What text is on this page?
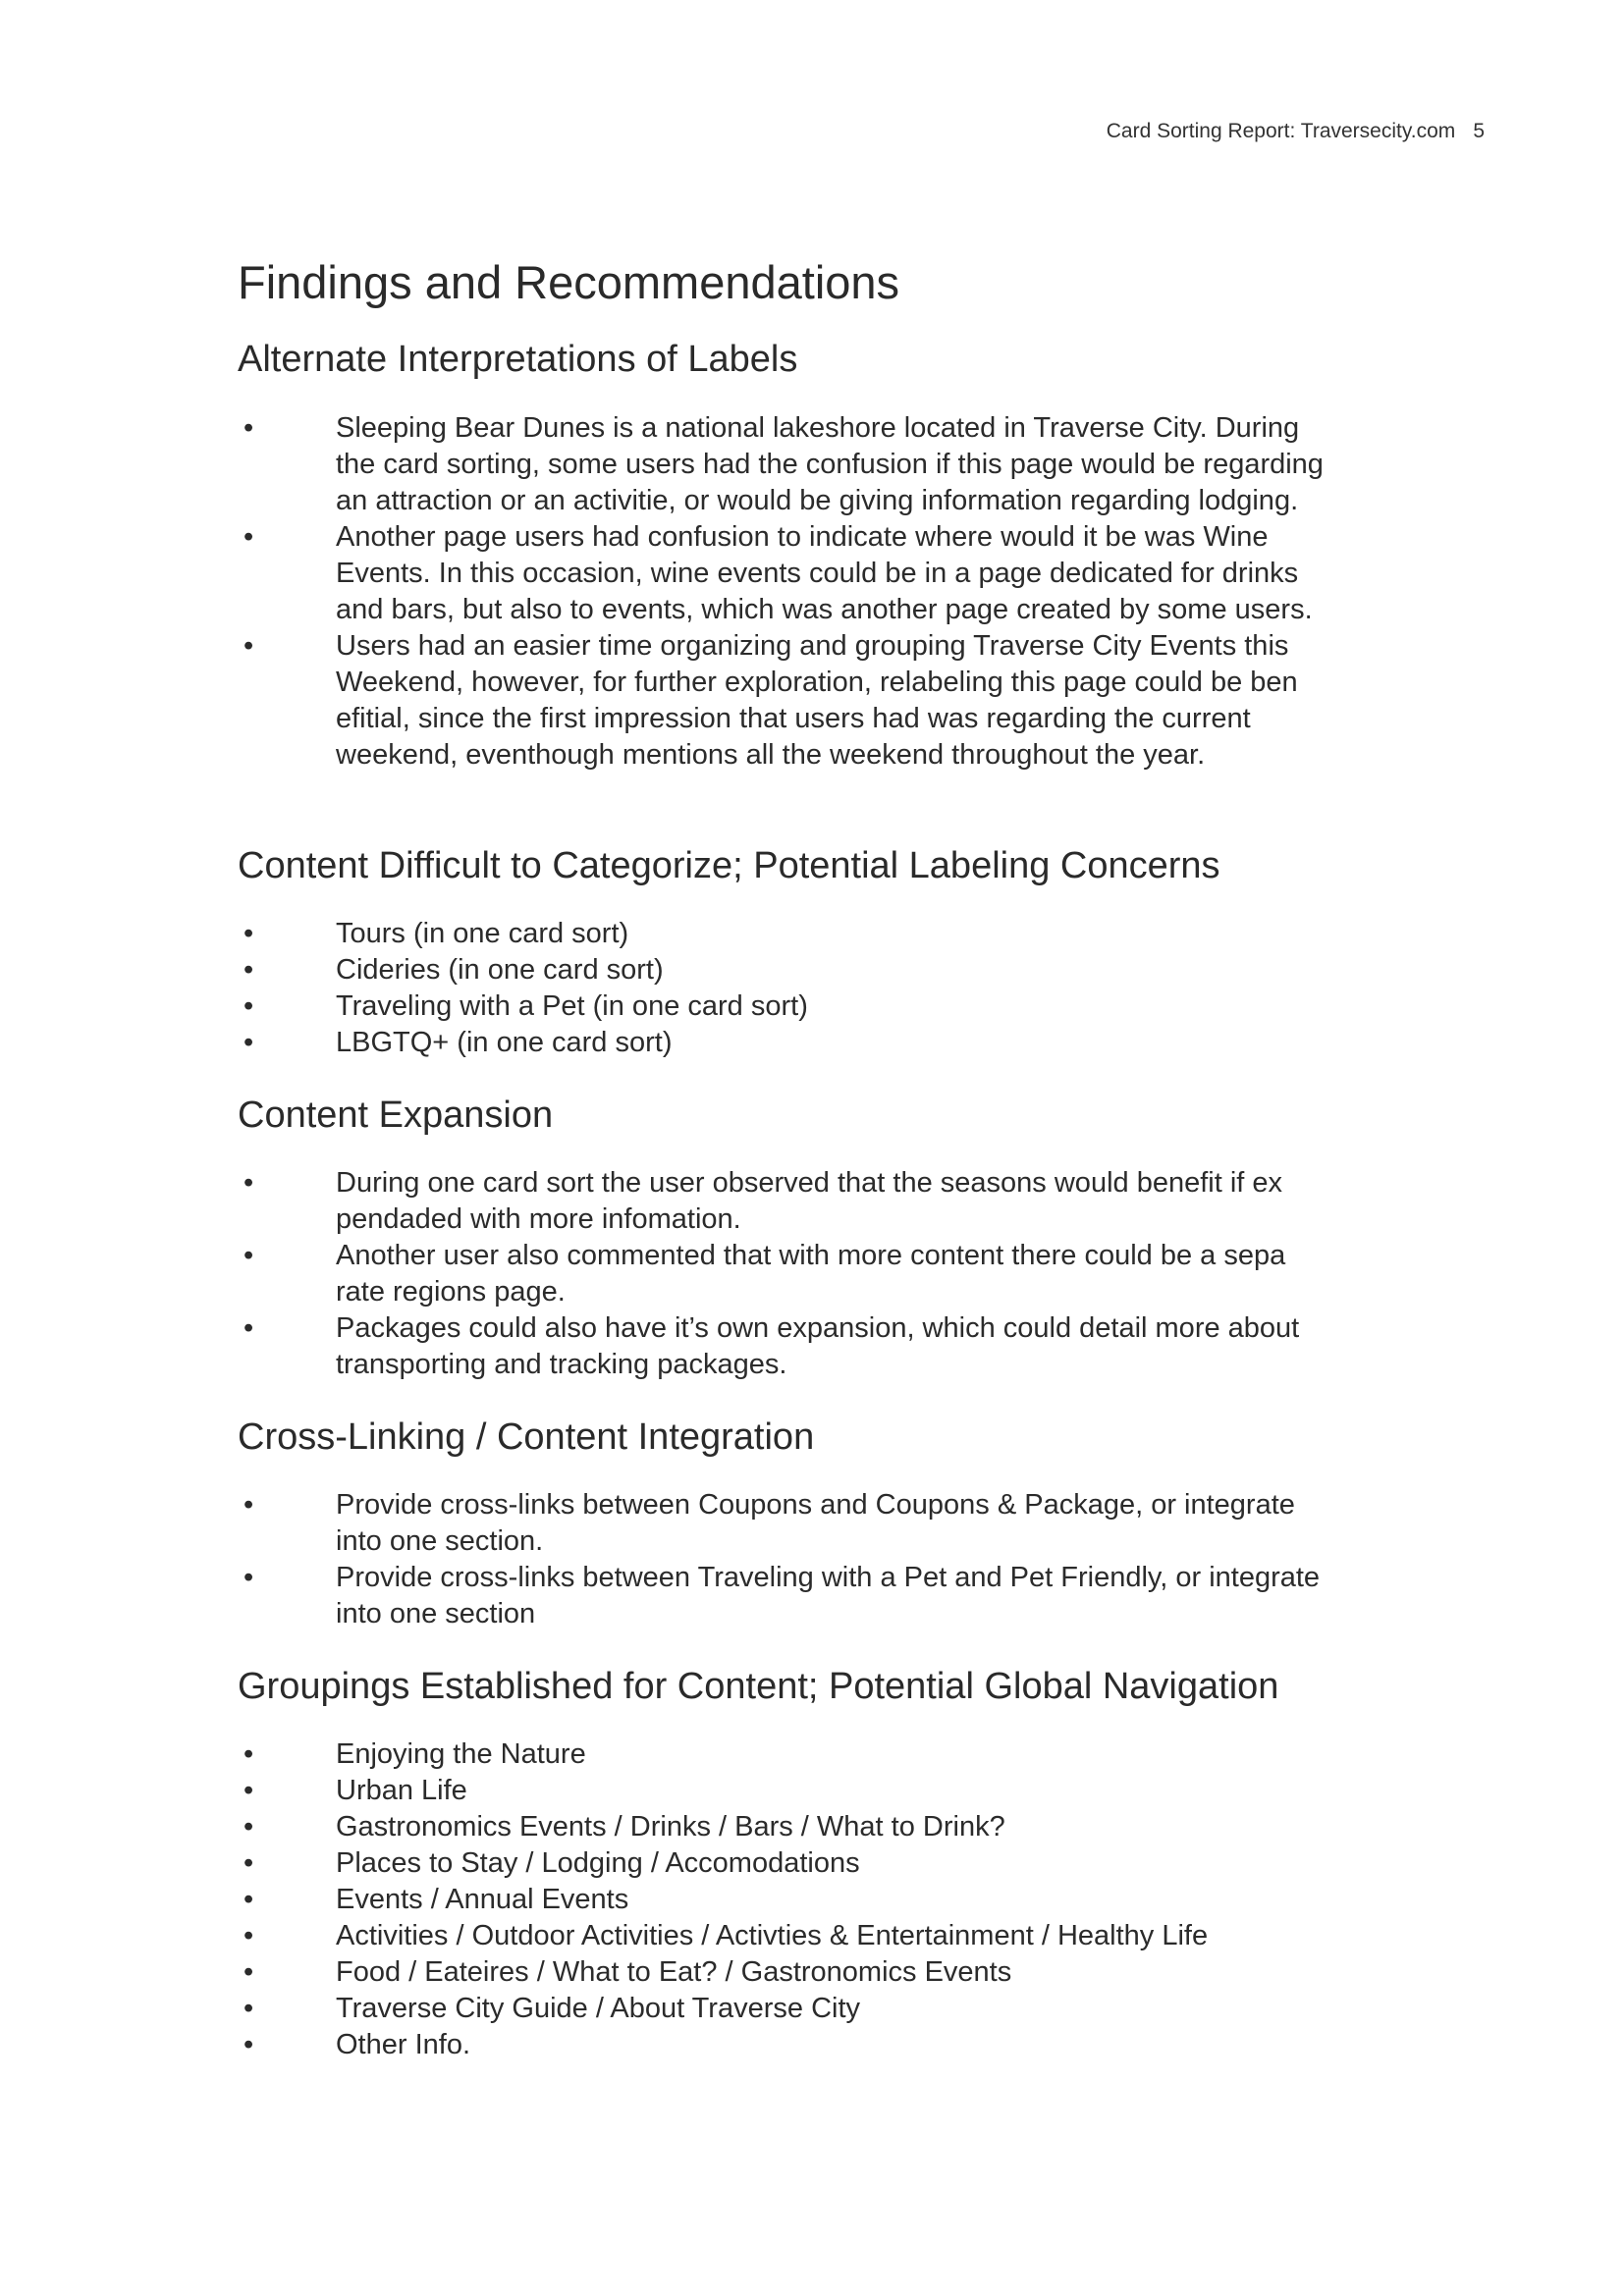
Card Sorting Report: Traversecity.com 5
Findings and Recommendations
Alternate Interpretations of Labels
• Sleeping Bear Dunes is a national lakeshore located in Traverse City. During
the card sorting, some users had the confusion if this page would be regarding
an attraction or an activitie, or would be giving information regarding lodging.
• Another page users had confusion to indicate where would it be was Wine
Events. In this occasion, wine events could be in a page dedicated for drinks
and bars, but also to events, which was another page created by some users.
• Users had an easier time organizing and grouping Traverse City Events this
Weekend, however, for further exploration, relabeling this page could be ben
efitial, since the first impression that users had was regarding the current
weekend, eventhough mentions all the weekend throughout the year.
Content Difficult to Categorize; Potential Labeling Concerns
• Tours (in one card sort)
• Cideries (in one card sort)
• Traveling with a Pet (in one card sort)
• LBGTQ+ (in one card sort)
Content Expansion
• During one card sort the user observed that the seasons would benefit if ex
pendaded with more infomation.
• Another user also commented that with more content there could be a sepa
rate regions page.
• Packages could also have it’s own expansion, which could detail more about
transporting and tracking packages.
Cross-Linking / Content Integration
• Provide cross-links between Coupons and Coupons & Package, or integrate
into one section.
• Provide cross-links between Traveling with a Pet and Pet Friendly, or integrate
into one section
Groupings Established for Content; Potential Global Navigation
• Enjoying the Nature
• Urban Life
• Gastronomics Events / Drinks / Bars / What to Drink?
• Places to Stay / Lodging / Accomodations
• Events / Annual Events
• Activities / Outdoor Activities / Activties & Entertainment / Healthy Life
• Food / Eateires / What to Eat? / Gastronomics Events
• Traverse City Guide / About Traverse City
• Other Info.
